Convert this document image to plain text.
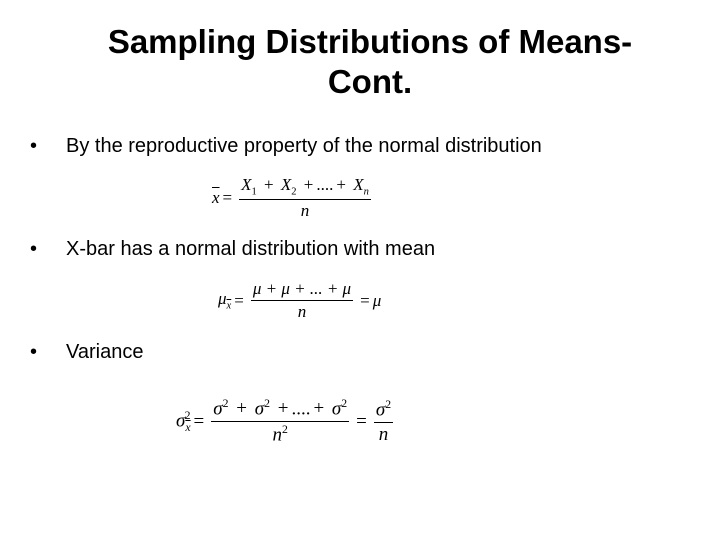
Sampling Distributions of Means-
Cont.
• By the reproductive property of the normal distribution
$\overline{x} = \frac{X_1 + X_2 + .... + X_n}{n}$
• X-bar has a normal distribution with mean
$\mu_{\overline{x}} = \frac{\mu + \mu + ... + \mu}{n} = \mu$
• Variance
$\sigma_{\overline{x}}^2 = \frac{\sigma^2 + \sigma^2 + .... + \sigma^2}{n^2} = \frac{\sigma^2}{n}$
